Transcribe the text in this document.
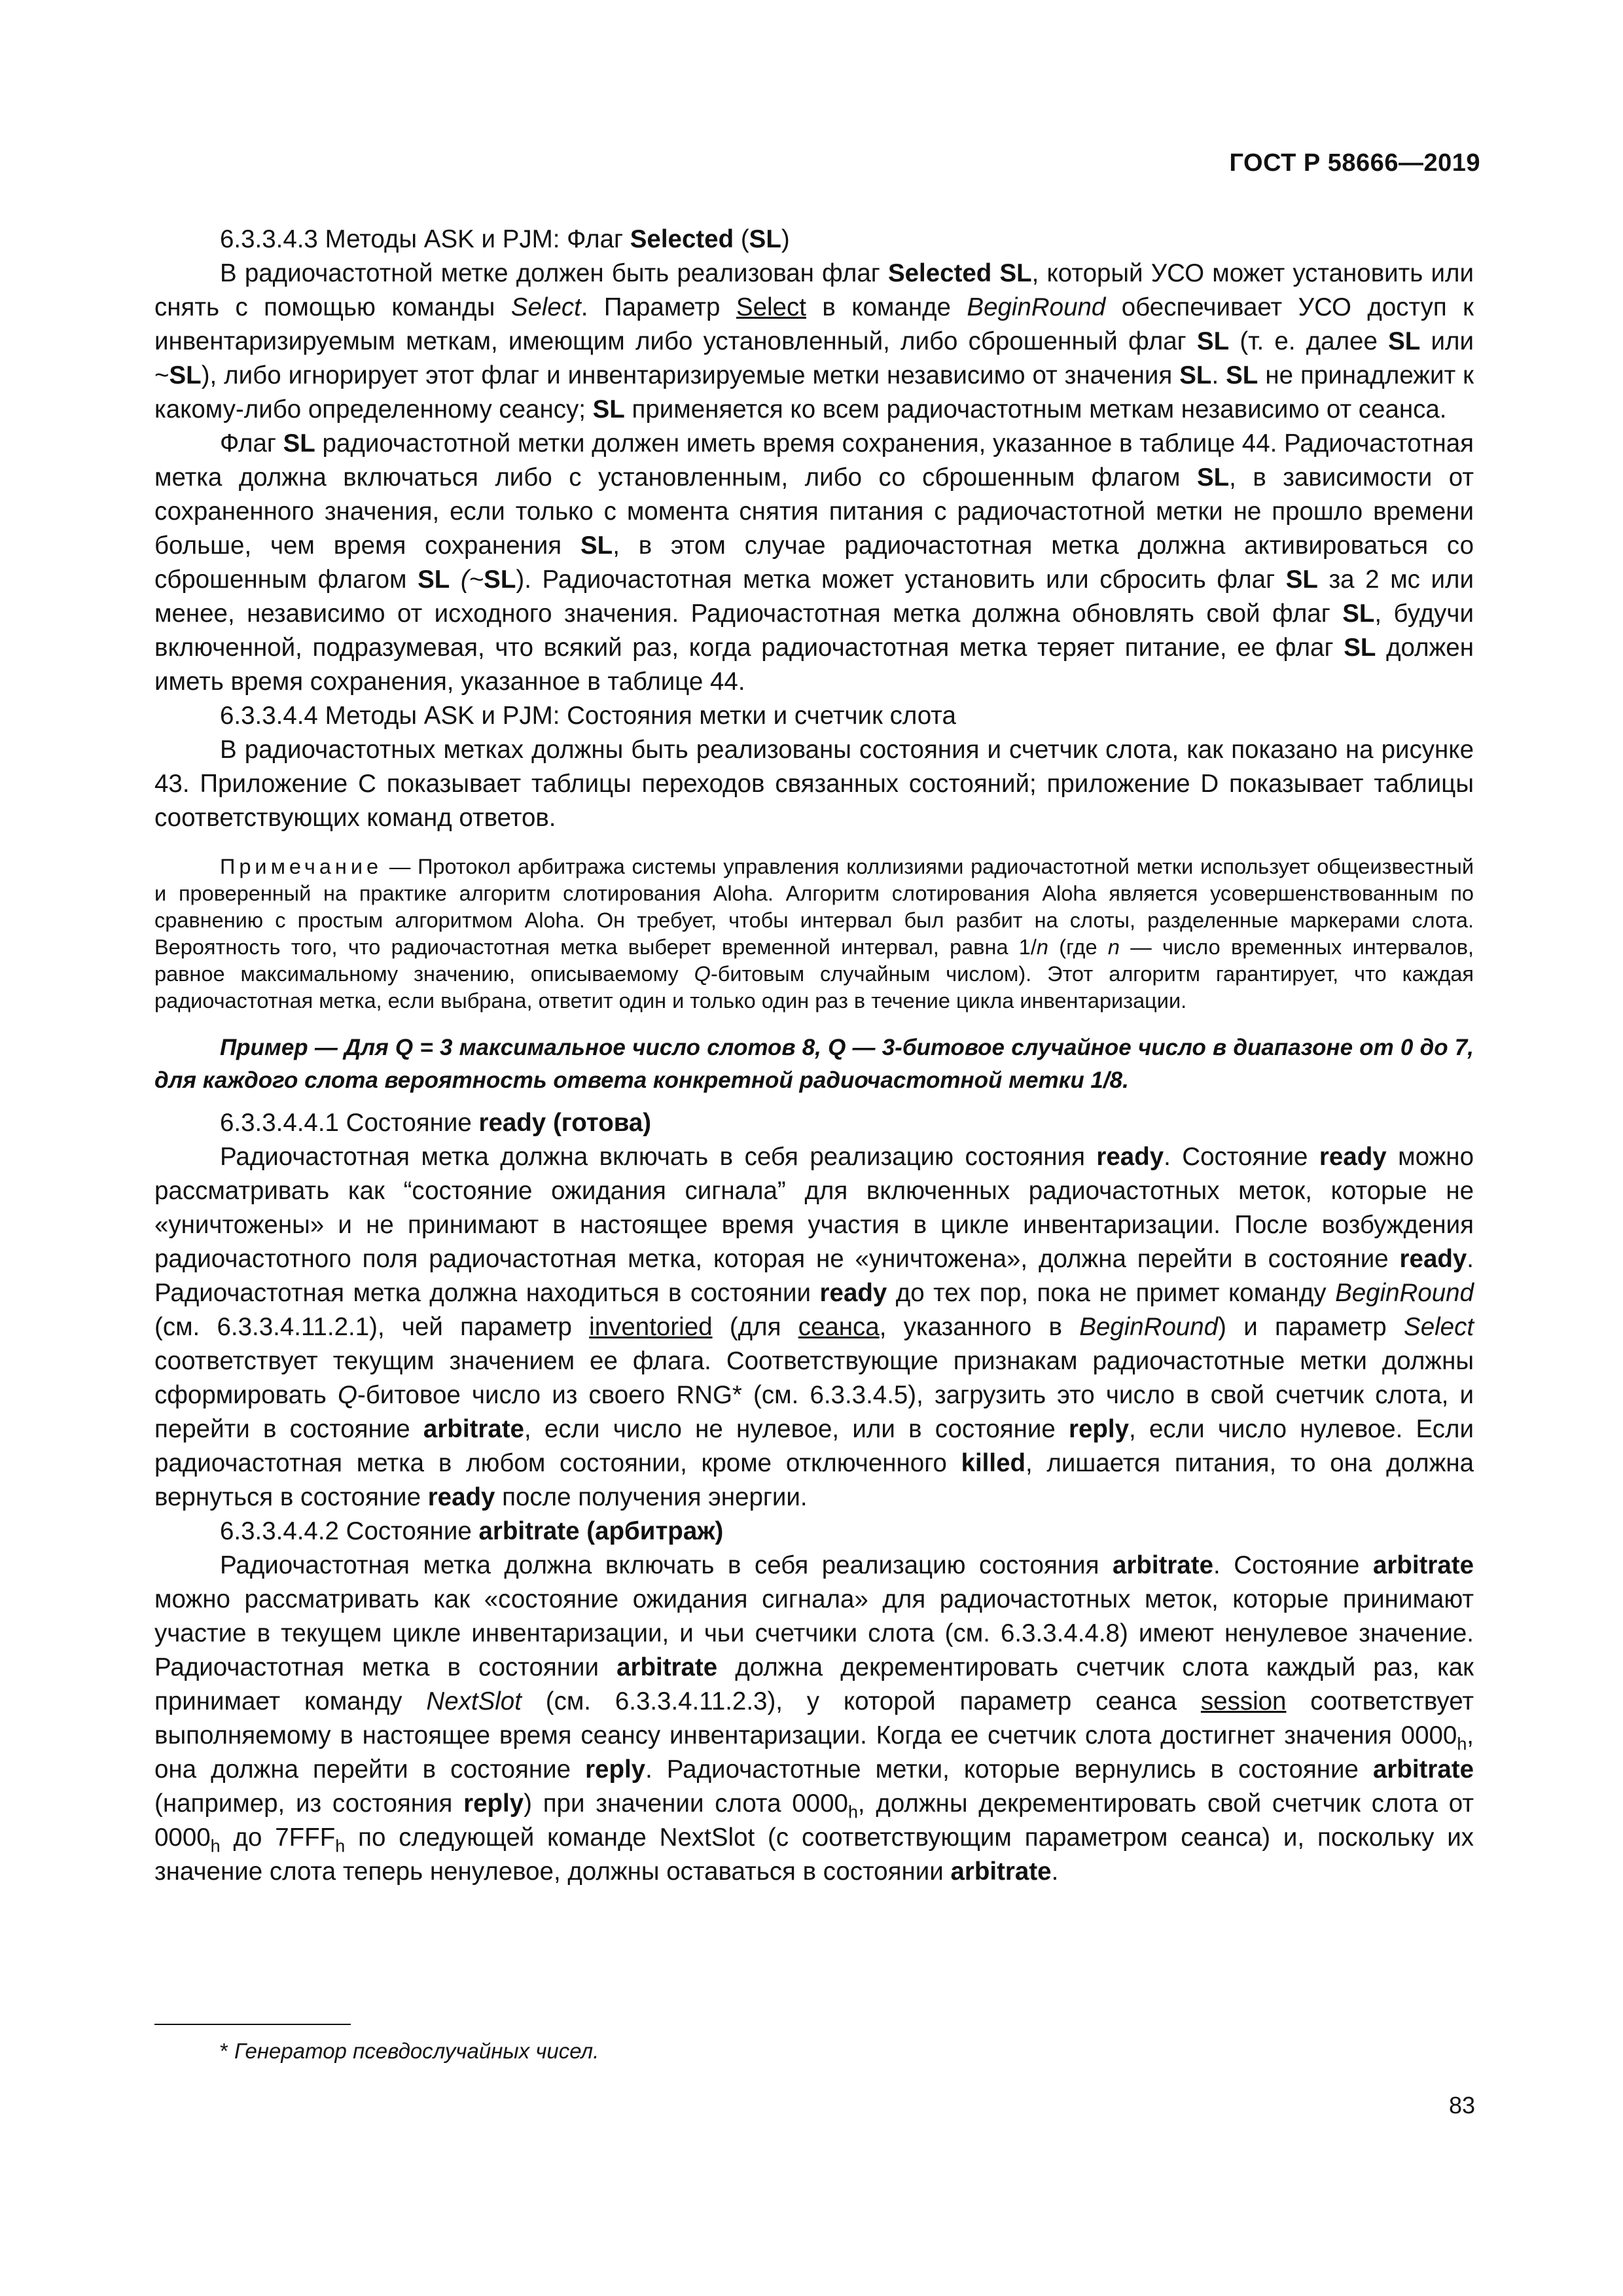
ГОСТ Р 58666—2019

6.3.3.4.3 Методы ASK и PJM: Флаг Selected (SL)

В радиочастотной метке должен быть реализован флаг Selected SL, который УСО может установить или снять с помощью команды Select. Параметр Select в команде BeginRound обеспечивает УСО доступ к инвентаризируемым меткам, имеющим либо установленный, либо сброшенный флаг SL (т. е. далее SL или ~SL), либо игнорирует этот флаг и инвентаризируемые метки независимо от значения SL. SL не принадлежит к какому-либо определенному сеансу; SL применяется ко всем радиочастотным меткам независимо от сеанса.

Флаг SL радиочастотной метки должен иметь время сохранения, указанное в таблице 44. Радиочастотная метка должна включаться либо с установленным, либо со сброшенным флагом SL, в зависимости от сохраненного значения, если только с момента снятия питания с радиочастотной метки не прошло времени больше, чем время сохранения SL, в этом случае радиочастотная метка должна активироваться со сброшенным флагом SL (~SL). Радиочастотная метка может установить или сбросить флаг SL за 2 мс или менее, независимо от исходного значения. Радиочастотная метка должна обновлять свой флаг SL, будучи включенной, подразумевая, что всякий раз, когда радиочастотная метка теряет питание, ее флаг SL должен иметь время сохранения, указанное в таблице 44.

6.3.3.4.4 Методы ASK и PJM: Состояния метки и счетчик слота

В радиочастотных метках должны быть реализованы состояния и счетчик слота, как показано на рисунке 43. Приложение С показывает таблицы переходов связанных состояний; приложение D показывает таблицы соответствующих команд ответов.

Примечание — Протокол арбитража системы управления коллизиями радиочастотной метки использует общеизвестный и проверенный на практике алгоритм слотирования Aloha. Алгоритм слотирования Aloha является усовершенствованным по сравнению с простым алгоритмом Aloha. Он требует, чтобы интервал был разбит на слоты, разделенные маркерами слота. Вероятность того, что радиочастотная метка выберет временной интервал, равна 1/n (где n — число временных интервалов, равное максимальному значению, описываемому Q-битовым случайным числом). Этот алгоритм гарантирует, что каждая радиочастотная метка, если выбрана, ответит один и только один раз в течение цикла инвентаризации.
Пример — Для Q = 3 максимальное число слотов 8, Q — 3-битовое случайное число в диапазоне от 0 до 7, для каждого слота вероятность ответа конкретной радиочастотной метки 1/8.

6.3.3.4.4.1 Состояние ready (готова)

Радиочастотная метка должна включать в себя реализацию состояния ready. Состояние ready можно рассматривать как “состояние ожидания сигнала” для включенных радиочастотных меток, которые не «уничтожены» и не принимают в настоящее время участия в цикле инвентаризации. После возбуждения радиочастотного поля радиочастотная метка, которая не «уничтожена», должна перейти в состояние ready. Радиочастотная метка должна находиться в состоянии ready до тех пор, пока не примет команду BeginRound (см. 6.3.3.4.11.2.1), чей параметр inventoried (для сеанса, указанного в BeginRound) и параметр Select соответствует текущим значением ее флага. Соответствующие признакам радиочастотные метки должны сформировать Q-битовое число из своего RNG* (см. 6.3.3.4.5), загрузить это число в свой счетчик слота, и перейти в состояние arbitrate, если число не нулевое, или в состояние reply, если число нулевое. Если радиочастотная метка в любом состоянии, кроме отключенного killed, лишается питания, то она должна вернуться в состояние ready после получения энергии.

6.3.3.4.4.2 Состояние arbitrate (арбитраж)

Радиочастотная метка должна включать в себя реализацию состояния arbitrate. Состояние arbitrate можно рассматривать как «состояние ожидания сигнала» для радиочастотных меток, которые принимают участие в текущем цикле инвентаризации, и чьи счетчики слота (см. 6.3.3.4.4.8) имеют ненулевое значение. Радиочастотная метка в состоянии arbitrate должна декрементировать счетчик слота каждый раз, как принимает команду NextSlot (см. 6.3.3.4.11.2.3), у которой параметр сеанса session соответствует выполняемому в настоящее время сеансу инвентаризации. Когда ее счетчик слота достигнет значения $0000_h$, она должна перейти в состояние reply. Радиочастотные метки, которые вернулись в состояние arbitrate (например, из состояния reply) при значении слота $0000_h$, должны декрементировать свой счетчик слота от $0000_h$ до $7FFF_h$ по следующей команде NextSlot (с соответствующим параметром сеанса) и, поскольку их значение слота теперь ненулевое, должны оставаться в состоянии arbitrate.

* Генератор псевдослучайных чисел.
83
